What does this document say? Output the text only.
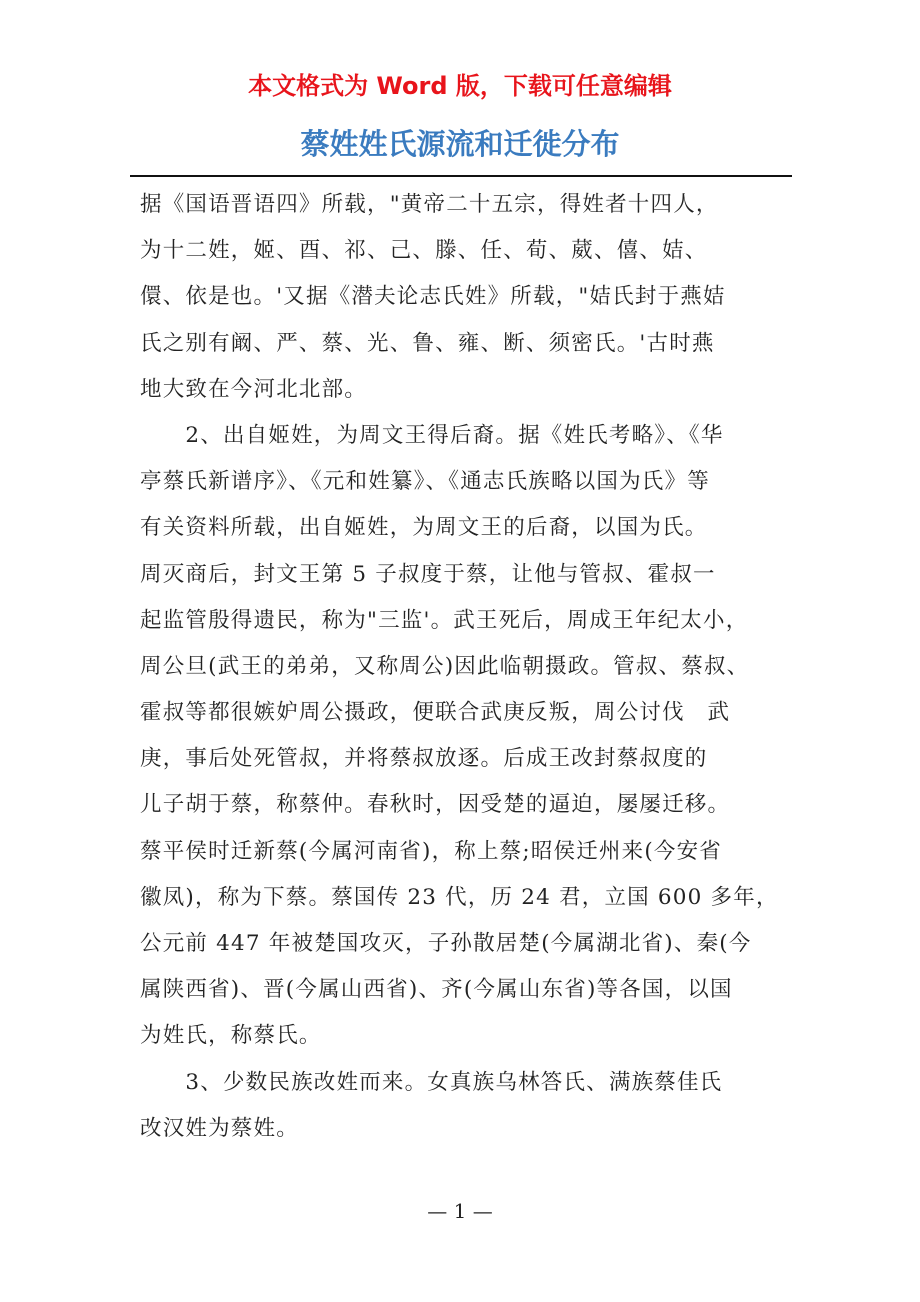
本文格式为 Word 版，下载可任意编辑
蔡姓姓氏源流和迁徙分布
据《国语晋语四》所载，"黄帝二十五宗，得姓者十四人，
为十二姓，姬、酉、祁、己、滕、任、荀、葳、僖、姞、
儇、依是也。'又据《潜夫论志氏姓》所载，"姞氏封于燕姞
氏之别有阚、严、蔡、光、鲁、雍、断、须密氏。'古时燕
地大致在今河北北部。
　　2、出自姬姓，为周文王得后裔。据《姓氏考略》、《华
亭蔡氏新谱序》、《元和姓纂》、《通志氏族略以国为氏》等
有关资料所载，出自姬姓，为周文王的后裔，以国为氏。
周灭商后，封文王第 5 子叔度于蔡，让他与管叔、霍叔一
起监管殷得遗民，称为"三监'。武王死后，周成王年纪太小，
周公旦(武王的弟弟，又称周公)因此临朝摄政。管叔、蔡叔、
霍叔等都很嫉妒周公摄政，便联合武庚反叛，周公讨伐　武
庚，事后处死管叔，并将蔡叔放逐。后成王改封蔡叔度的
儿子胡于蔡，称蔡仲。春秋时，因受楚的逼迫，屡屡迁移。
蔡平侯时迁新蔡(今属河南省)，称上蔡;昭侯迁州来(今安省
徽凤)，称为下蔡。蔡国传 23 代，历 24 君，立国 600 多年，
公元前 447 年被楚国攻灭，子孙散居楚(今属湖北省)、秦(今
属陕西省)、晋(今属山西省)、齐(今属山东省)等各国，以国
为姓氏，称蔡氏。
　　3、少数民族改姓而来。女真族乌林答氏、满族蔡佳氏
改汉姓为蔡姓。
— 1 —
